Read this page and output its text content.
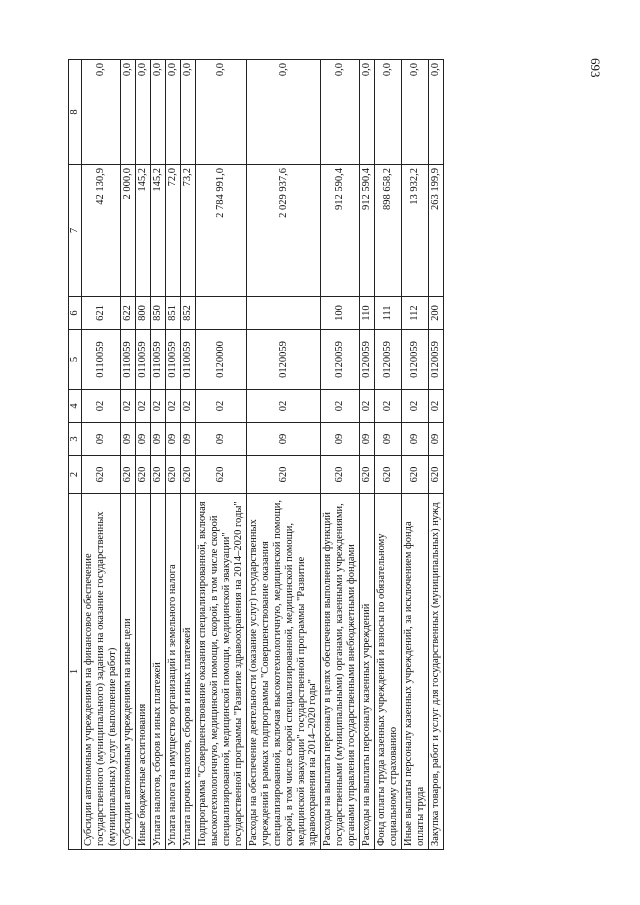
693
1	2	3	4	5	6	7	8
Субсидии автономным учреждениям на финансовое обеспечение государственного (муниципального) задания на оказание государственных (муниципальных) услуг (выполнение работ)	620	09	02	0110059	621	42 130,9	0,0
Субсидии автономным учреждениям на иные цели	620	09	02	0110059	622	2 000,0	0,0
Иные бюджетные ассигнования	620	09	02	0110059	800	145,2	0,0
Уплата налогов, сборов и иных платежей	620	09	02	0110059	850	145,2	0,0
Уплата налога на имущество организаций и земельного налога	620	09	02	0110059	851	72,0	0,0
Уплата прочих налогов, сборов и иных платежей	620	09	02	0110059	852	73,2	0,0
Подпрограмма "Совершенствование оказания специализированной, включая высокотехнологичную, медицинской помощи, скорой, в том числе скорой специализированной, медицинской помощи, медицинской эвакуации" государственной программы "Развитие здравоохранения на 2014–2020 годы"	620	09	02	0120000		2 784 991,0	0,0
Расходы на обеспечение деятельности (оказание услуг) государственных учреждений в рамках подпрограммы "Совершенствование оказания специализированной, включая высокотехнологичную, медицинской помощи, скорой, в том числе скорой специализированной, медицинской помощи, медицинской эвакуации" государственной программы "Развитие здравоохранения на 2014–2020 годы"	620	09	02	0120059		2 029 937,6	0,0
Расходы на выплаты персоналу в целях обеспечения выполнения функций государственными (муниципальными) органами, казенными учреждениями, органами управления государственными внебюджетными фондами	620	09	02	0120059	100	912 590,4	0,0
Расходы на выплаты персоналу казенных учреждений	620	09	02	0120059	110	912 590,4	0,0
Фонд оплаты труда казенных учреждений и взносы по обязательному социальному страхованию	620	09	02	0120059	111	898 658,2	0,0
Иные выплаты персоналу казенных учреждений, за исключением фонда оплаты труда	620	09	02	0120059	112	13 932,2	0,0
Закупка товаров, работ и услуг для государственных (муниципальных) нужд	620	09	02	0120059	200	263 199,9	0,0
